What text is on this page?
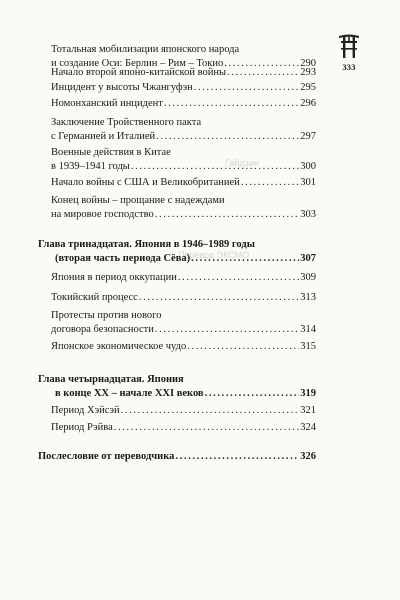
333
Гайдзин
Перевод ЭКСМО
Тотальная мобилизации японского народа
и создание Оси: Берлин – Рим – Токио . . .	290
Начало второй японо-китайской войны . . .	293
Инцидент у высоты Чжангуфэн . . .	295
Номонханский инцидент . . .	296
Заключение Тройственного пакта
с Германией и Италией . . .	297
Военные действия в Китае
в 1939–1941 годы . . .	300
Начало войны с США и Великобританией . . .	301
Конец войны – прощание с надеждами
на мировое господство . . .	303
Глава тринадцатая. Япония в 1946–1989 годы
(вторая часть периода Сёва) . . .	307
Япония в период оккупации . . .	309
Токийский процесс . . .	313
Протесты против нового
договора безопасности . . .	314
Японское экономическое чудо . . .	315
Глава четырнадцатая. Япония
в конце XX – начале XXI веков . . .	319
Период Хэйсэй . . .	321
Период Рэйва . . .	324
Послесловие от переводчика . . .	326
